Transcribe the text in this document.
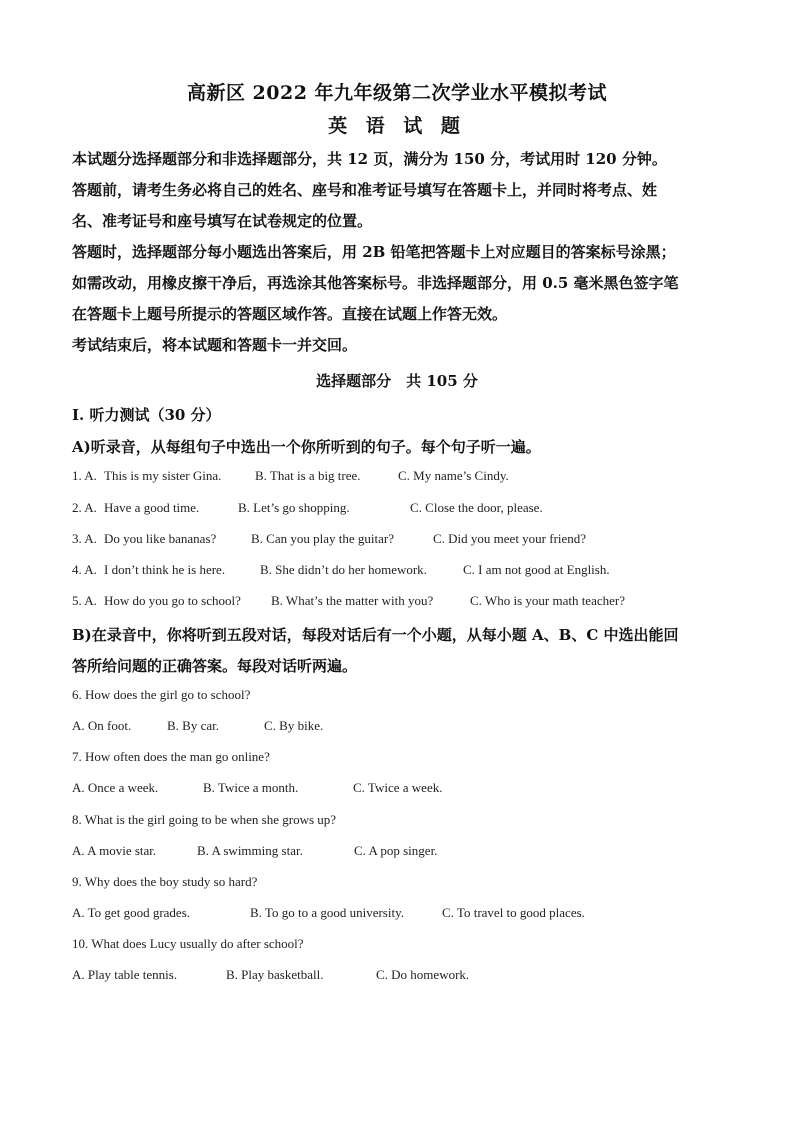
高新区 2022 年九年级第二次学业水平模拟考试
英 语 试 题
本试题分选择题部分和非选择题部分，共 12 页，满分为 150 分，考试用时 120 分钟。
答题前，请考生务必将自己的姓名、座号和准考证号填写在答题卡上，并同时将考点、姓
名、准考证号和座号填写在试卷规定的位置。
答题时，选择题部分每小题选出答案后，用 2B 铅笔把答题卡上对应题目的答案标号涂黑；
如需改动，用橡皮擦干净后，再选涂其他答案标号。非选择题部分，用 0.5 毫米黑色签字笔
在答题卡上题号所提示的答题区域作答。直接在试题上作答无效。
考试结束后，将本试题和答题卡一并交回。
选择题部分　共 105 分
I. 听力测试（30 分）
A)听录音，从每组句子中选出一个你所听到的句子。每个句子听一遍。
1. A. This is my sister Gina.	B. That is a big tree.	C. My name’s Cindy.
2. A. Have a good time.	B. Let’s go shopping.	C. Close the door, please.
3. A. Do you like bananas?	B. Can you play the guitar?	C. Did you meet your friend?
4. A. I don’t think he is here.	B. She didn’t do her homework.	C. I am not good at English.
5. A. How do you go to school? B. What’s the matter with you?	C. Who is your math teacher?
B)在录音中，你将听到五段对话，每段对话后有一个小题，从每小题 A、B、C 中选出能回
答所给问题的正确答案。每段对话听两遍。
6. How does the girl go to school?
A. On foot.	B. By car.	C. By bike.
7. How often does the man go online?
A. Once a week.	B. Twice a month.	C. Twice a week.
8. What is the girl going to be when she grows up?
A. A movie star.	B. A swimming star.	C. A pop singer.
9. Why does the boy study so hard?
A. To get good grades.	B. To go to a good university.	C. To travel to good places.
10. What does Lucy usually do after school?
A. Play table tennis.	B. Play basketball.	C. Do homework.
